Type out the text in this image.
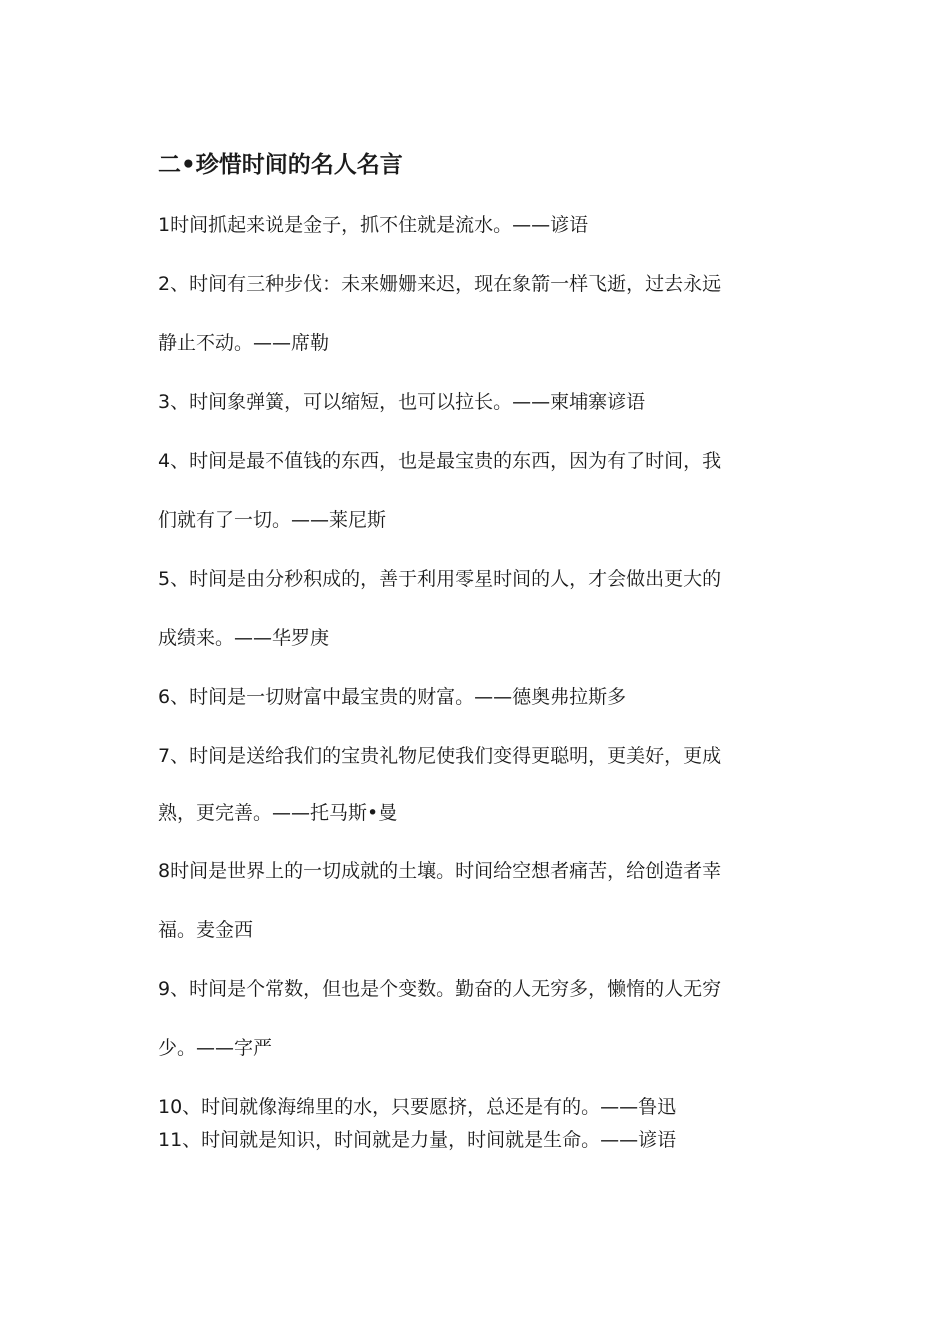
二•珍惜时间的名人名言
1时间抓起来说是金子，抓不住就是流水。——谚语
2、时间有三种步伐：未来姗姗来迟，现在象箭一样飞逝，过去永远
静止不动。——席勒
3、时间象弹簧，可以缩短，也可以拉长。——柬埔寨谚语
4、时间是最不值钱的东西，也是最宝贵的东西，因为有了时间，我
们就有了一切。——莱尼斯
5、时间是由分秒积成的，善于利用零星时间的人，才会做出更大的
成绩来。——华罗庚
6、时间是一切财富中最宝贵的财富。——德奥弗拉斯多
7、时间是送给我们的宝贵礼物尼使我们变得更聪明，更美好，更成
熟，更完善。——托马斯•曼
8时间是世界上的一切成就的土壤。时间给空想者痛苦，给创造者幸
福。麦金西
9、时间是个常数，但也是个变数。勤奋的人无穷多，懒惰的人无穷
少。——字严
10、时间就像海绵里的水，只要愿挤，总还是有的。——鲁迅
11、时间就是知识，时间就是力量，时间就是生命。——谚语
